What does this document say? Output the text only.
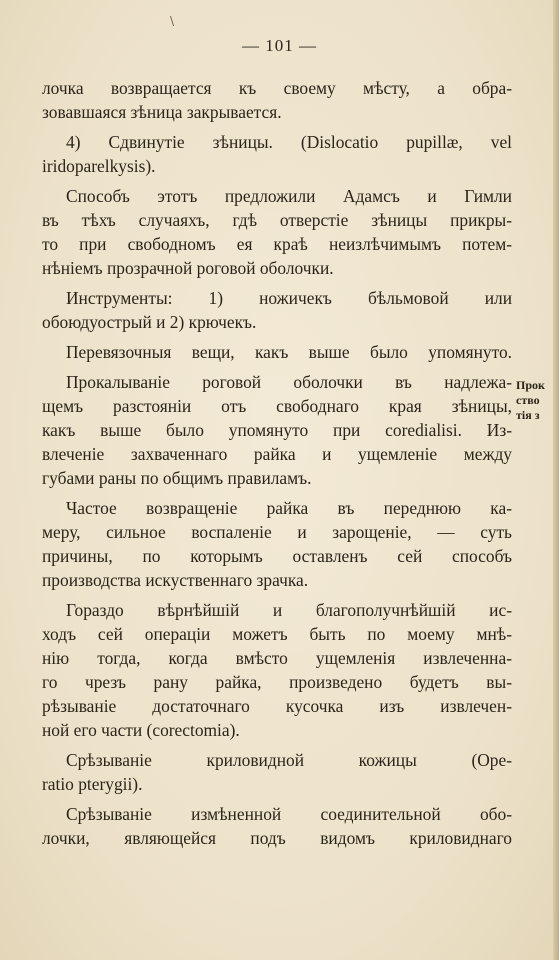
\
— 101 —
лочка возвращается къ своему мѣсту, а обра-
зовавшаяся зѣница закрывается.
4) Сдвинутіе зѣницы. (Dislocatio pupillæ, vel
iridoparelkysis).
Способъ этотъ предложили Адамсъ и Гимли
въ тѣхъ случаяхъ, гдѣ отверстіе зѣницы прикры-
то при свободномъ ея краѣ неизлѣчимымъ потем-
нѣніемъ прозрачной роговой оболочки.
Инструменты: 1) ножичекъ бѣльмовой или
обоюдуострый и 2) крючекъ.
Перевязочныя вещи, какъ выше было упомянуто.
Прокалываніе роговой оболочки въ надлежа-
щемъ разстояніи отъ свободнаго края зѣницы,
какъ выше было упомянуто при coredialisi. Из-
влеченіе захваченнаго райка и ущемленіе между
губами раны по общимъ правиламъ.
Частое возвращеніе райка въ переднюю ка-
меру, сильное воспаленіе и зарощеніе, — суть
причины, по которымъ оставленъ сей способъ
производства искуственнаго зрачка.
Гораздо вѣрнѣйшій и благополучнѣйшій ис-
ходъ сей операціи можетъ быть по моему мнѣ-
нію тогда, когда вмѣсто ущемленія извлеченна-
го чрезъ рану райка, произведено будетъ вы-
рѣзываніе достаточнаго кусочка изъ извлечен-
ной его части (corectomia).
Срѣзываніе криловидной кожицы (Ope-
ratio pterygii).
Срѣзываніе измѣненной соединительной обо-
лочки, являющейся подъ видомъ криловиднаго
Прок
ство
тія з
